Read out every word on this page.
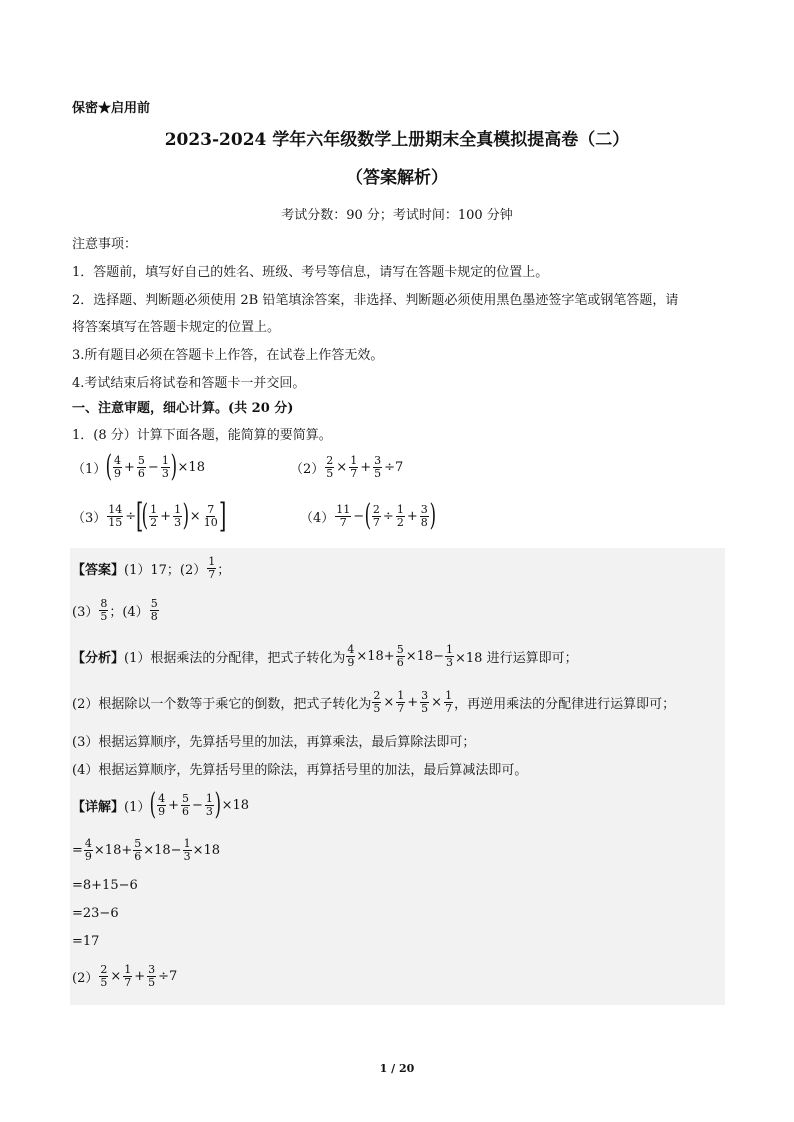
保密★启用前
2023-2024 学年六年级数学上册期末全真模拟提高卷（二）
（答案解析）
考试分数：90 分；考试时间：100 分钟
注意事项：
1．答题前，填写好自己的姓名、班级、考号等信息，请写在答题卡规定的位置上。
2．选择题、判断题必须使用 2B 铅笔填涂答案，非选择、判断题必须使用黑色墨迹签字笔或钢笔答题，请
将答案填写在答题卡规定的位置上。
3.所有题目必须在答题卡上作答，在试卷上作答无效。
4.考试结束后将试卷和答题卡一并交回。
一、注意审题，细心计算。(共 20 分)
1．(8 分）计算下面各题，能简算的要简算。
（1） ( $\frac{4}{9} + \frac{5}{6} - \frac{1}{3}$ ) ×18	$(2) \frac{2}{5} \times \frac{1}{7} + \frac{3}{5} \div 7$
$(3) \frac{14}{15}$ ÷ [
( $\frac{1}{2} + \frac{1}{3}$ ) × $\frac{7}{10}$ ]	$(4) \frac{11}{7}$ − ( $\frac{2}{7} \div \frac{1}{2} + \frac{3}{8}$ )
【答案】 (1）17；$(2) \frac{1}{7}$ ；
$(3) \frac{8}{5}$ ；$(4) \frac{5}{8}$
【分析】 (1）根据乘法的分配律，把式子转化为 $\frac{4}{9} \times 18+ \frac{5}{6} \times 18- \frac{1}{3} \times 18$ 进行运算即可；
(2）根据除以一个数等于乘它的倒数，把式子转化为 $\frac{2}{5} \times \frac{1}{7} + \frac{3}{5} \times \frac{1}{7}$ ，再逆用乘法的分配律进行运算即可；
(3）根据运算顺序，先算括号里的加法，再算乘法，最后算除法即可；
(4）根据运算顺序，先算括号里的除法，再算括号里的加法，最后算减法即可。
【详解】 (1） ( $\frac{4}{9} + \frac{5}{6} - \frac{1}{3}$ ) ×18
= $\frac{4}{9} \times 18+ \frac{5}{6} \times 18- \frac{1}{3} \times 18$
=8+15−6
=23−6
=17
$(2) \frac{2}{5} \times \frac{1}{7} + \frac{3}{5} \div 7$
1 / 20
